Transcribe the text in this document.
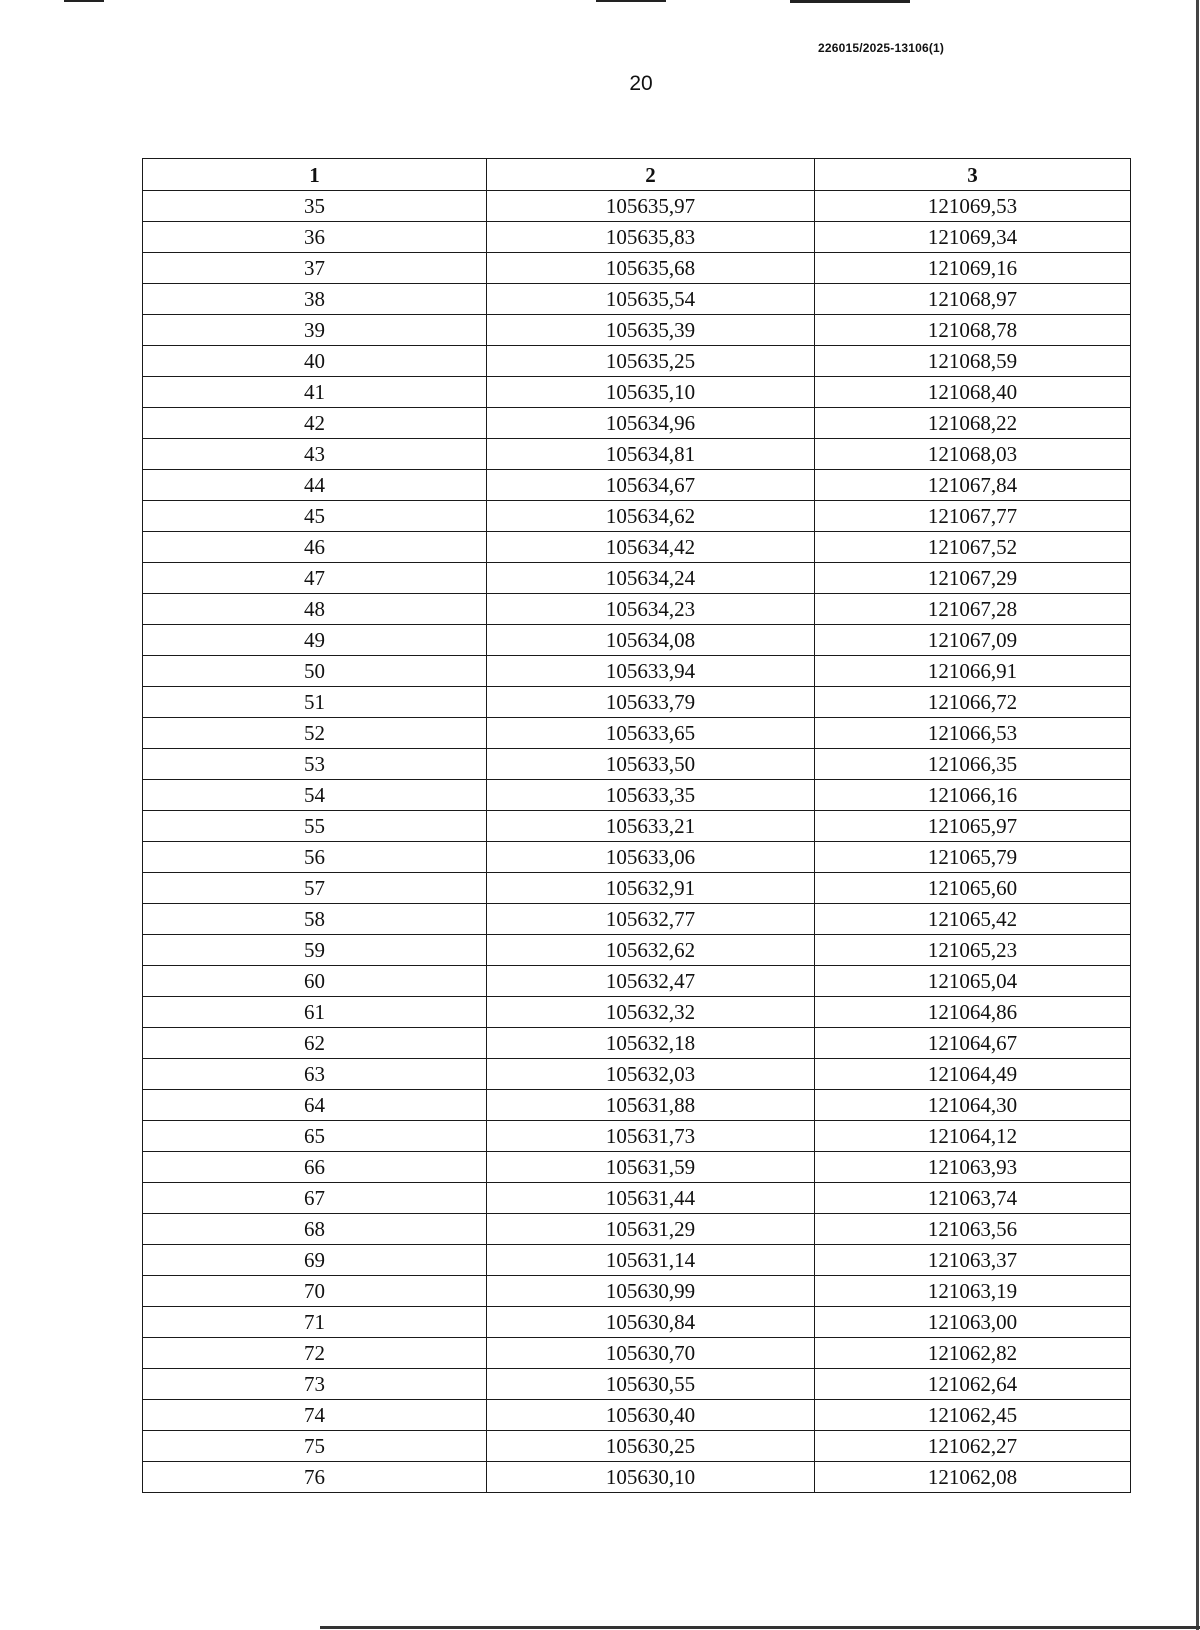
226015/2025-13106(1)
20
1	2	3
35	105635,97	121069,53
36	105635,83	121069,34
37	105635,68	121069,16
38	105635,54	121068,97
39	105635,39	121068,78
40	105635,25	121068,59
41	105635,10	121068,40
42	105634,96	121068,22
43	105634,81	121068,03
44	105634,67	121067,84
45	105634,62	121067,77
46	105634,42	121067,52
47	105634,24	121067,29
48	105634,23	121067,28
49	105634,08	121067,09
50	105633,94	121066,91
51	105633,79	121066,72
52	105633,65	121066,53
53	105633,50	121066,35
54	105633,35	121066,16
55	105633,21	121065,97
56	105633,06	121065,79
57	105632,91	121065,60
58	105632,77	121065,42
59	105632,62	121065,23
60	105632,47	121065,04
61	105632,32	121064,86
62	105632,18	121064,67
63	105632,03	121064,49
64	105631,88	121064,30
65	105631,73	121064,12
66	105631,59	121063,93
67	105631,44	121063,74
68	105631,29	121063,56
69	105631,14	121063,37
70	105630,99	121063,19
71	105630,84	121063,00
72	105630,70	121062,82
73	105630,55	121062,64
74	105630,40	121062,45
75	105630,25	121062,27
76	105630,10	121062,08
